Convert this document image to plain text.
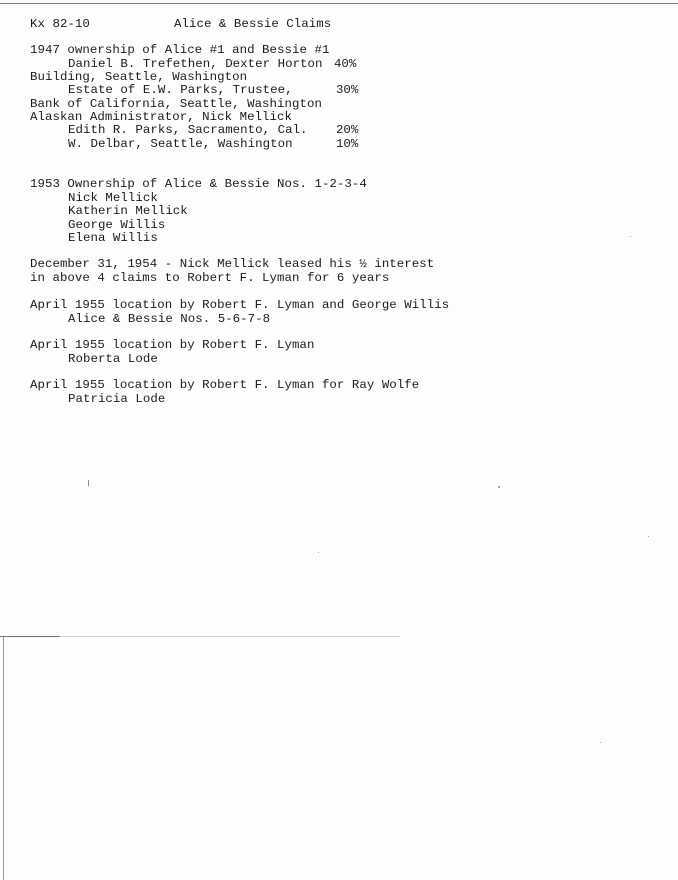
Kx 82-10	Alice & Bessie Claims
1947 ownership of Alice #1 and Bessie #1
Daniel B. Trefethen, Dexter Horton 40%
Building, Seattle, Washington
Estate of E.W. Parks, Trustee,	30%
Bank of California, Seattle, Washington
Alaskan Administrator, Nick Mellick
Edith R. Parks, Sacramento, Cal. 20%
W. Delbar, Seattle, Washington	10%
1953 Ownership of Alice & Bessie Nos. 1-2-3-4
Nick Mellick
Katherin Mellick
George Willis
Elena Willis
December 31, 1954 - Nick Mellick leased his ½ interest
in above 4 claims to Robert F. Lyman for 6 years
April 1955 location by Robert F. Lyman and George Willis
Alice & Bessie Nos. 5-6-7-8
April 1955 location by Robert F. Lyman
Roberta Lode
April 1955 location by Robert F. Lyman for Ray Wolfe
Patricia Lode
